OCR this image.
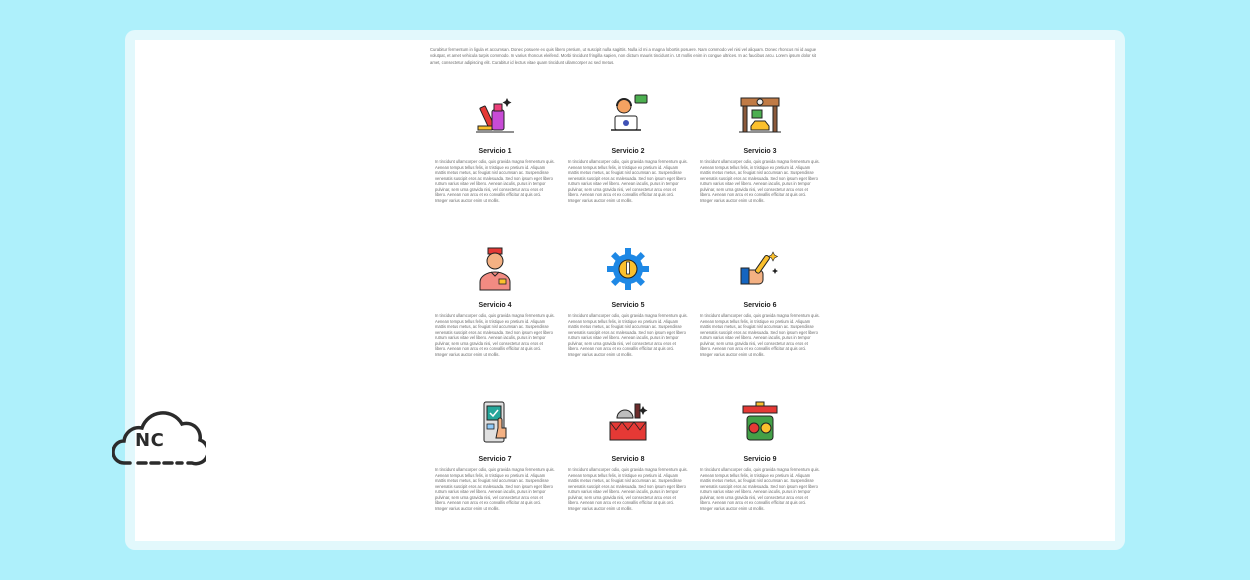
Curabitur fermentum in ligula et accumsan. Donec posuere ex quis libero pretium, ut suscipit nulla sagittis. Nulla id mi a magna lobortis posuere. Nam commodo vel nisi vel aliquam. Donec rhoncus mi id augue volutpat, et amet vehicula turpis commodo. In varius rhoncus eleifend. Morbi tincidunt fringilla sapien, non dictum mauris tincidunt in. Ut mollis enim in congue ultrices. In ac faucibus arcu. Lorem ipsum dolor sit amet, consectetur adipiscing elit. Curabitur id lectus vitae quam tincidunt ullamcorper ac sed metus.

Servicio 1

In tincidunt ullamcorper odio, quis gravida magna fermentum quis. Aenean tempus tellus felis, in tristique ex pretium id. Aliquam mattis metus metus, ac feugiat nisl accumsan ac. Suspendisse venenatis suscipit eros ac malesuada. Sed non ipsum eget libero rutrum varius vitae vel libero. Aenean iaculis, purus in tempor pulvinar, sem urna gravida nisi, vel consectetur arcu eros et libero. Aenean non arcu et ex convallis efficitur at quis orci. Integer varius auctor enim ut mollis.

Servicio 2

In tincidunt ullamcorper odio, quis gravida magna fermentum quis. Aenean tempus tellus felis, in tristique ex pretium id. Aliquam mattis metus metus, ac feugiat nisl accumsan ac. Suspendisse venenatis suscipit eros ac malesuada. Sed non ipsum eget libero rutrum varius vitae vel libero. Aenean iaculis, purus in tempor pulvinar, sem urna gravida nisi, vel consectetur arcu eros et libero. Aenean non arcu et ex convallis efficitur at quis orci. Integer varius auctor enim ut mollis.

Servicio 3

In tincidunt ullamcorper odio, quis gravida magna fermentum quis. Aenean tempus tellus felis, in tristique ex pretium id. Aliquam mattis metus metus, ac feugiat nisl accumsan ac. Suspendisse venenatis suscipit eros ac malesuada. Sed non ipsum eget libero rutrum varius vitae vel libero. Aenean iaculis, purus in tempor pulvinar, sem urna gravida nisi, vel consectetur arcu eros et libero. Aenean non arcu et ex convallis efficitur at quis orci. Integer varius auctor enim ut mollis.

Servicio 4

In tincidunt ullamcorper odio, quis gravida magna fermentum quis. Aenean tempus tellus felis, in tristique ex pretium id. Aliquam mattis metus metus, ac feugiat nisl accumsan ac. Suspendisse venenatis suscipit eros ac malesuada. Sed non ipsum eget libero rutrum varius vitae vel libero. Aenean iaculis, purus in tempor pulvinar, sem urna gravida nisi, vel consectetur arcu eros et libero. Aenean non arcu et ex convallis efficitur at quis orci. Integer varius auctor enim ut mollis.

Servicio 5

In tincidunt ullamcorper odio, quis gravida magna fermentum quis. Aenean tempus tellus felis, in tristique ex pretium id. Aliquam mattis metus metus, ac feugiat nisl accumsan ac. Suspendisse venenatis suscipit eros ac malesuada. Sed non ipsum eget libero rutrum varius vitae vel libero. Aenean iaculis, purus in tempor pulvinar, sem urna gravida nisi, vel consectetur arcu eros et libero. Aenean non arcu et ex convallis efficitur at quis orci. Integer varius auctor enim ut mollis.

Servicio 6

In tincidunt ullamcorper odio, quis gravida magna fermentum quis. Aenean tempus tellus felis, in tristique ex pretium id. Aliquam mattis metus metus, ac feugiat nisl accumsan ac. Suspendisse venenatis suscipit eros ac malesuada. Sed non ipsum eget libero rutrum varius vitae vel libero. Aenean iaculis, purus in tempor pulvinar, sem urna gravida nisi, vel consectetur arcu eros et libero. Aenean non arcu et ex convallis efficitur at quis orci. Integer varius auctor enim ut mollis.

Servicio 7

In tincidunt ullamcorper odio, quis gravida magna fermentum quis. Aenean tempus tellus felis, in tristique ex pretium id. Aliquam mattis metus metus, ac feugiat nisl accumsan ac. Suspendisse venenatis suscipit eros ac malesuada. Sed non ipsum eget libero rutrum varius vitae vel libero. Aenean iaculis, purus in tempor pulvinar, sem urna gravida nisi, vel consectetur arcu eros et libero. Aenean non arcu et ex convallis efficitur at quis orci. Integer varius auctor enim ut mollis.

Servicio 8

In tincidunt ullamcorper odio, quis gravida magna fermentum quis. Aenean tempus tellus felis, in tristique ex pretium id. Aliquam mattis metus metus, ac feugiat nisl accumsan ac. Suspendisse venenatis suscipit eros ac malesuada. Sed non ipsum eget libero rutrum varius vitae vel libero. Aenean iaculis, purus in tempor pulvinar, sem urna gravida nisi, vel consectetur arcu eros et libero. Aenean non arcu et ex convallis efficitur at quis orci. Integer varius auctor enim ut mollis.

Servicio 9

In tincidunt ullamcorper odio, quis gravida magna fermentum quis. Aenean tempus tellus felis, in tristique ex pretium id. Aliquam mattis metus metus, ac feugiat nisl accumsan ac. Suspendisse venenatis suscipit eros ac malesuada. Sed non ipsum eget libero rutrum varius vitae vel libero. Aenean iaculis, purus in tempor pulvinar, sem urna gravida nisi, vel consectetur arcu eros et libero. Aenean non arcu et ex convallis efficitur at quis orci. Integer varius auctor enim ut mollis.

NC
